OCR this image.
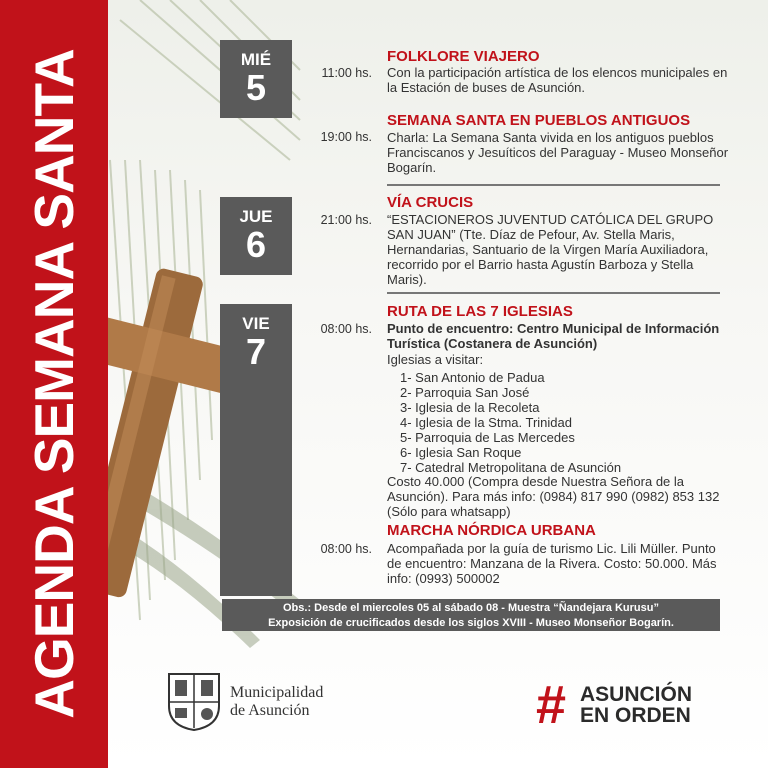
AGENDA SEMANA SANTA	MIÉ
5
JUE
6
VIE
7
FOLKLORE VIAJERO
11:00 hs. Con la participación artística de los elencos municipales en la Estación de buses de Asunción.
SEMANA SANTA EN PUEBLOS ANTIGUOS
19:00 hs. Charla: La Semana Santa vivida en los antiguos pueblos Franciscanos y Jesuíticos del Paraguay - Museo Monseñor Bogarín.
VÍA CRUCIS
21:00 hs. “ESTACIONEROS JUVENTUD CATÓLICA DEL GRUPO SAN JUAN” (Tte. Díaz de Pefour, Av. Stella Maris, Hernandarias, Santuario de la Virgen María Auxiliadora, recorrido por el Barrio hasta Agustín Barboza y Stella Maris).
RUTA DE LAS 7 IGLESIAS
08:00 hs. Punto de encuentro: Centro Municipal de Información Turística (Costanera de Asunción)
Iglesias a visitar:
1- San Antonio de Padua
2- Parroquia San José
3- Iglesia de la Recoleta
4- Iglesia de la Stma. Trinidad
5- Parroquia de Las Mercedes
6- Iglesia San Roque
7- Catedral Metropolitana de Asunción
Costo 40.000 (Compra desde Nuestra Señora de la Asunción). Para más info: (0984) 817 990 (0982) 853 132 (Sólo para whatsapp)
MARCHA NÓRDICA URBANA
08:00 hs. Acompañada por la guía de turismo Lic. Lili Müller. Punto de encuentro: Manzana de la Rivera. Costo: 50.000. Más info: (0993) 500002
Obs.: Desde el miercoles 05 al sábado 08 - Muestra “Ñandejara Kurusu”
Exposición de crucificados desde los siglos XVIII - Museo Monseñor Bogarín.
Municipalidad
de Asunción	# ASUNCIÓN
EN ORDEN
